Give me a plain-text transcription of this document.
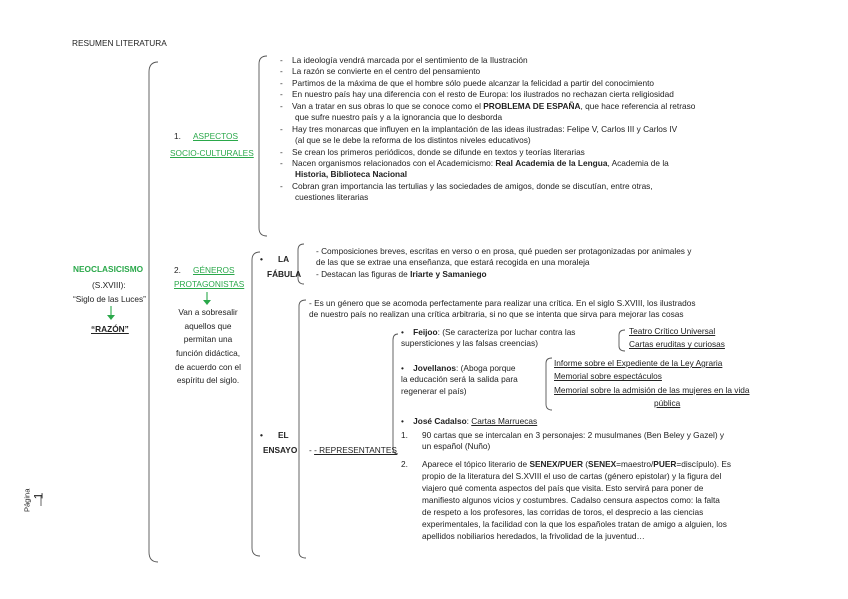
RESUMEN LITERATURA
Página 1
NEOCLASICISMO
(S.XVIII):
“Siglo de las Luces”
“RAZÓN”
1. ASPECTOS
SOCIO-CULTURALES
-    La ideología vendrá marcada por el sentimiento de la Ilustración
-    La razón se convierte en el centro del pensamiento
-    Partimos de la máxima de que el hombre sólo puede alcanzar la felicidad a partir del conocimiento
-    En nuestro país hay una diferencia con el resto de Europa: los ilustrados no rechazan cierta religiosidad
-    Van a tratar en sus obras lo que se conoce como el PROBLEMA DE ESPAÑA, que hace referencia al retraso
que sufre nuestro país y a la ignorancia que lo desborda
-    Hay tres monarcas que influyen en la implantación de las ideas ilustradas: Felipe V, Carlos III y Carlos IV
(al que se le debe la reforma de los distintos niveles educativos)
-    Se crean los primeros periódicos, donde se difunde en textos y teorías literarias
-    Nacen organismos relacionados con el Academicismo: Real Academia de la Lengua, Academia de la
Historia, Biblioteca Nacional
-    Cobran gran importancia las tertulias y las sociedades de amigos, donde se discutían, entre otras,
cuestiones literarias
2. GÉNEROS
PROTAGONISTAS
Van a sobresalir
aquellos que
permitan una
función didáctica,
de acuerdo con el
espíritu del siglo.
• LA
FÁBULA
- Composiciones breves, escritas en verso o en prosa, qué pueden ser protagonizadas por animales y
de las que se extrae una enseñanza, que estará recogida en una moraleja
- Destacan las figuras de Iriarte y Samaniego
• EL
ENSAYO
- Es un género que se acomoda perfectamente para realizar una crítica. En el siglo S.XVIII, los ilustrados
de nuestro país no realizan una crítica arbitraria, si no que se intenta que sirva para mejorar las cosas
- - REPRESENTANTES
•    Feijoo: (Se caracteriza por luchar contra las
supersticiones y las falsas creencias)
Teatro Crítico Universal
Cartas eruditas y curiosas
•    Jovellanos: (Aboga porque
la educación será la salida para
regenerar el país)
Informe sobre el Expediente de la Ley Agraria
Memorial sobre espectáculos
Memorial sobre la admisión de las mujeres en la vida
pública
•    José Cadalso: Cartas Marruecas
1. 90 cartas que se intercalan en 3 personajes: 2 musulmanes (Ben Beley y Gazel) y
un español (Nuño)
2. Aparece el tópico literario de SENEX/PUER (SENEX=maestro/PUER=discípulo). Es
propio de la literatura del S.XVIII el uso de cartas (género epistolar) y la figura del
viajero qué comenta aspectos del país que visita. Esto servirá para poner de
manifiesto algunos vicios y costumbres. Cadalso censura aspectos como: la falta
de respeto a los profesores, las corridas de toros, el desprecio a las ciencias
experimentales, la facilidad con la que los españoles tratan de amigo a alguien, los
apellidos nobiliarios heredados, la frivolidad de la juventud…
